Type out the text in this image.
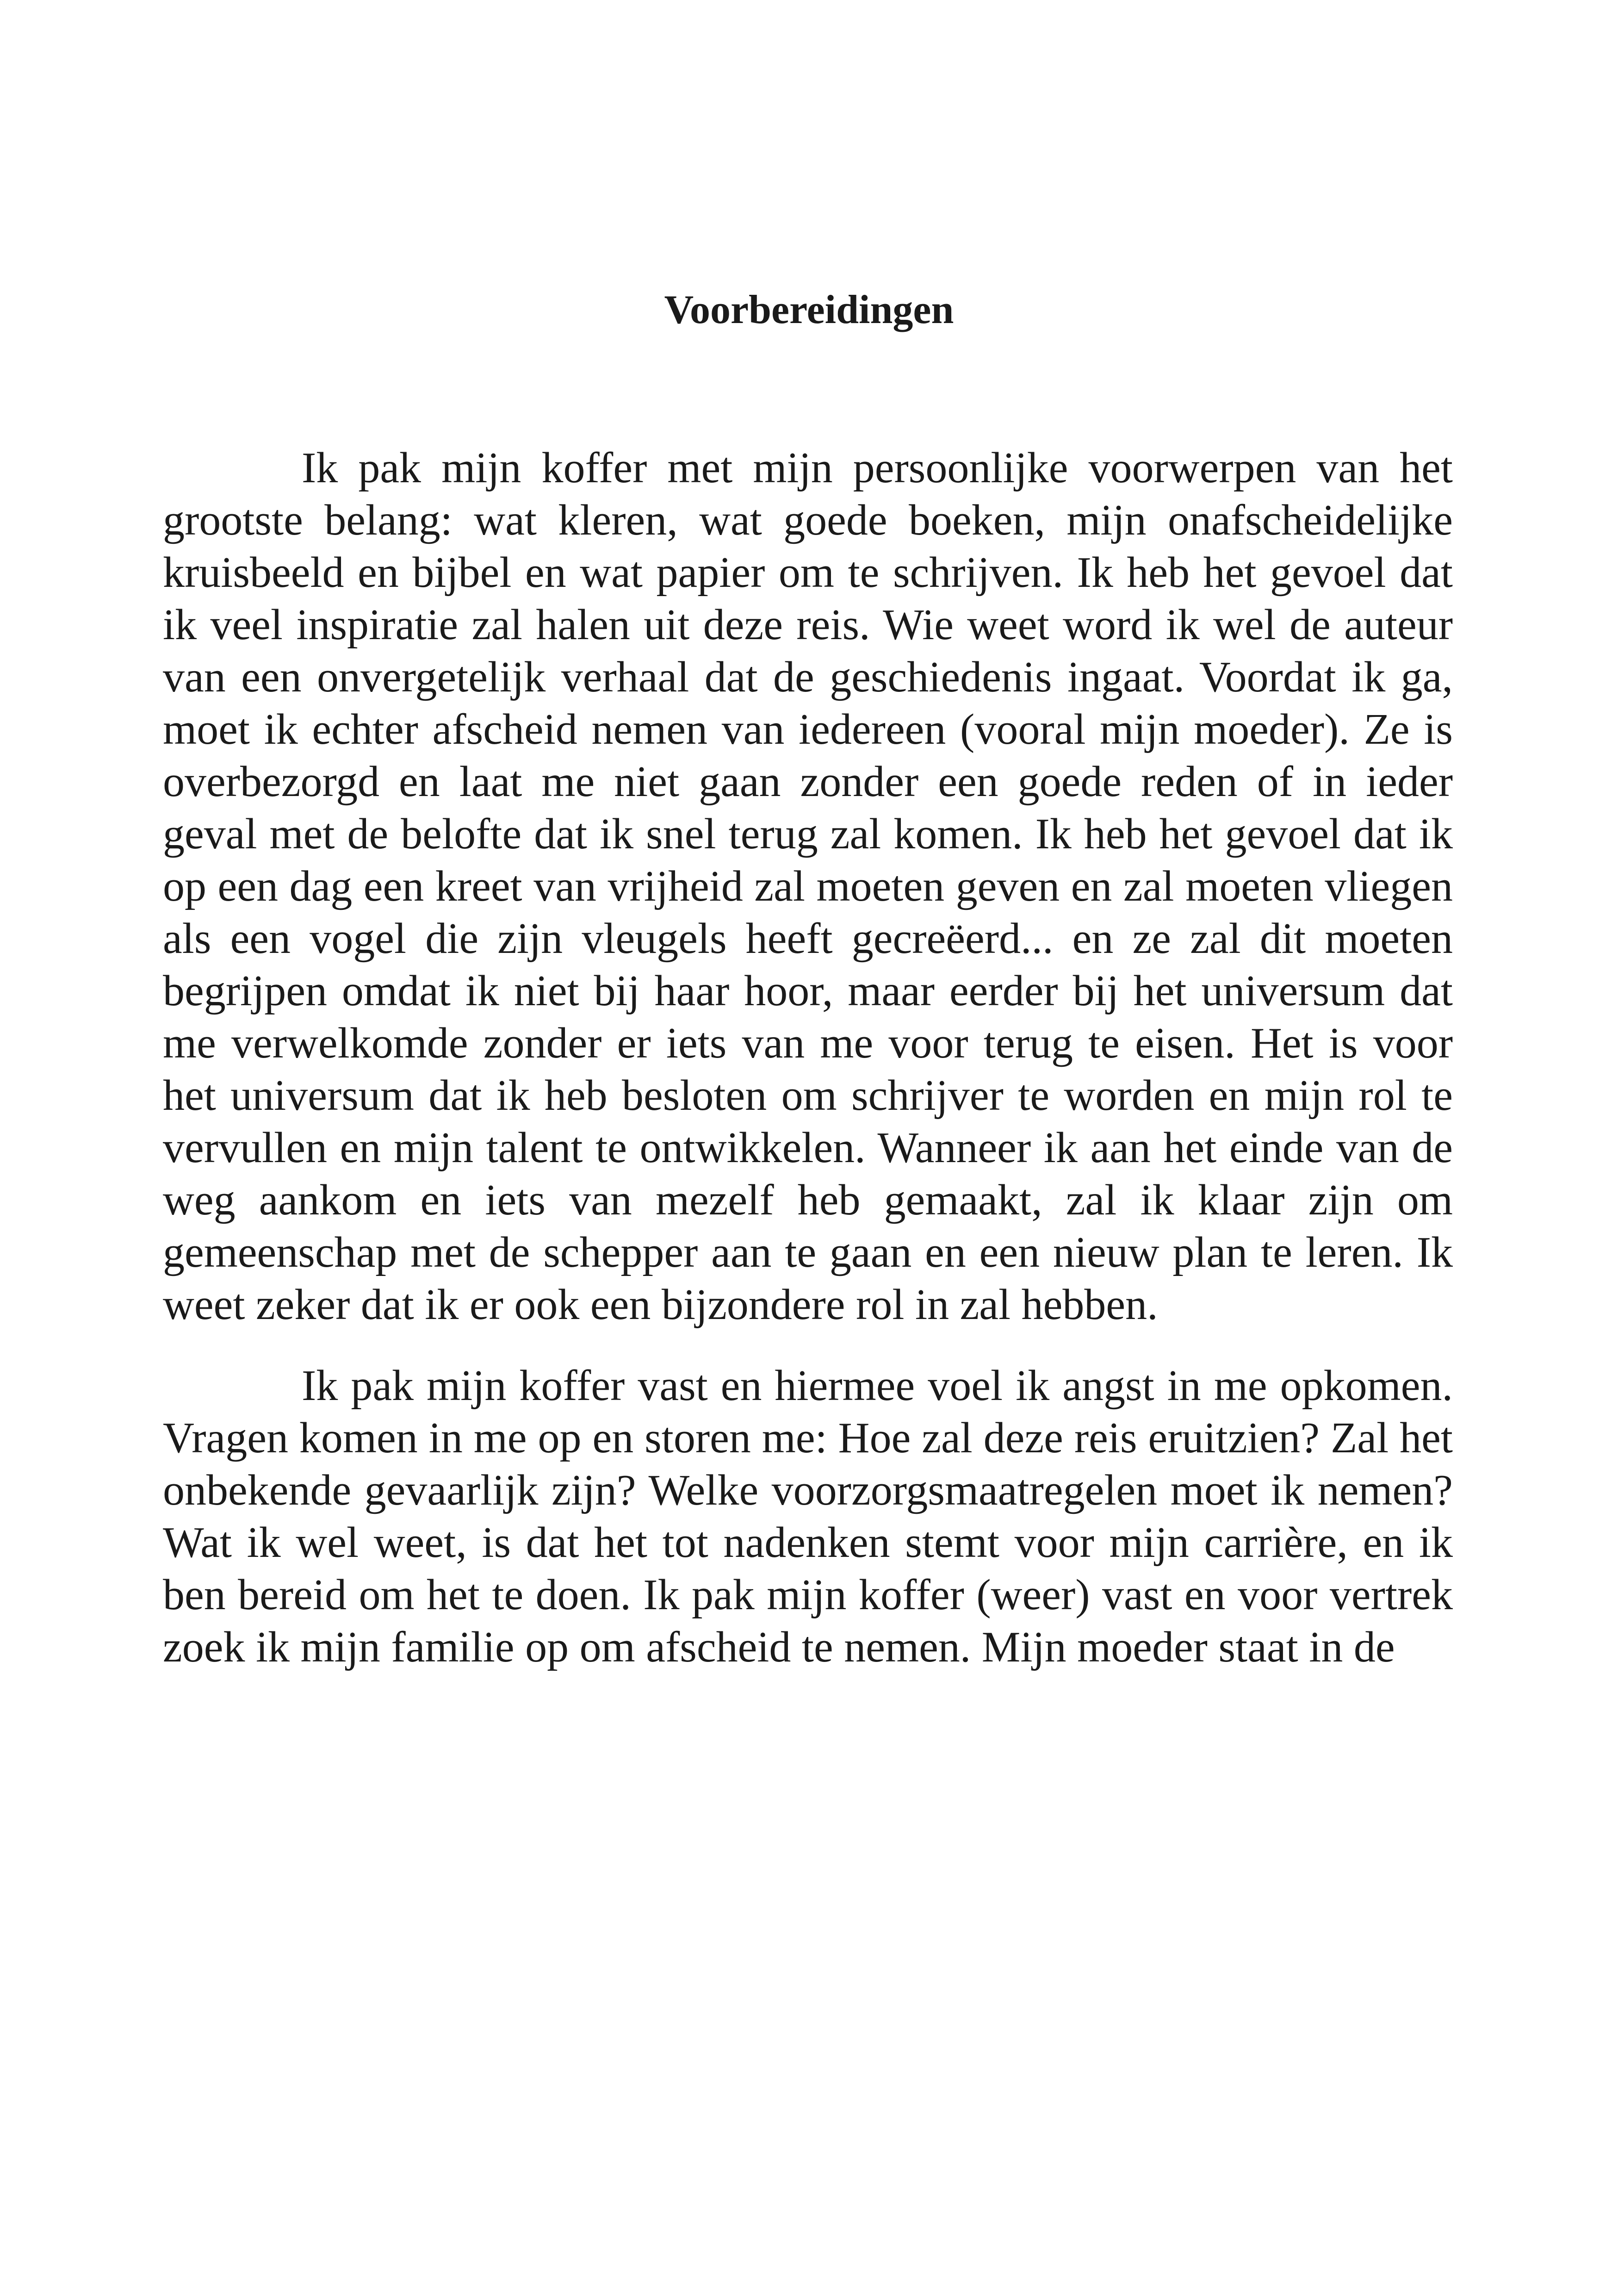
Voorbereidingen

Ik pak mijn koffer met mijn persoonlijke voorwerpen van het grootste belang: wat kleren, wat goede boeken, mijn onafscheidelijke kruisbeeld en bijbel en wat papier om te schrijven. Ik heb het gevoel dat ik veel inspiratie zal halen uit deze reis. Wie weet word ik wel de auteur van een onvergetelijk verhaal dat de geschiedenis ingaat. Voordat ik ga, moet ik echter afscheid nemen van iedereen (vooral mijn moeder). Ze is overbezorgd en laat me niet gaan zonder een goede reden of in ieder geval met de belofte dat ik snel terug zal komen. Ik heb het gevoel dat ik op een dag een kreet van vrijheid zal moeten geven en zal moeten vliegen als een vogel die zijn vleugels heeft gecreëerd... en ze zal dit moeten begrijpen omdat ik niet bij haar hoor, maar eerder bij het universum dat me verwelkomde zonder er iets van me voor terug te eisen. Het is voor het universum dat ik heb besloten om schrijver te worden en mijn rol te vervullen en mijn talent te ontwikkelen. Wanneer ik aan het einde van de weg aankom en iets van mezelf heb gemaakt, zal ik klaar zijn om gemeenschap met de schepper aan te gaan en een nieuw plan te leren. Ik weet zeker dat ik er ook een bijzondere rol in zal hebben.

Ik pak mijn koffer vast en hiermee voel ik angst in me opkomen. Vragen komen in me op en storen me: Hoe zal deze reis eruitzien? Zal het onbekende gevaarlijk zijn? Welke voorzorgsmaatregelen moet ik nemen? Wat ik wel weet, is dat het tot nadenken stemt voor mijn carrière, en ik ben bereid om het te doen. Ik pak mijn koffer (weer) vast en voor vertrek zoek ik mijn familie op om afscheid te nemen. Mijn moeder staat in de
